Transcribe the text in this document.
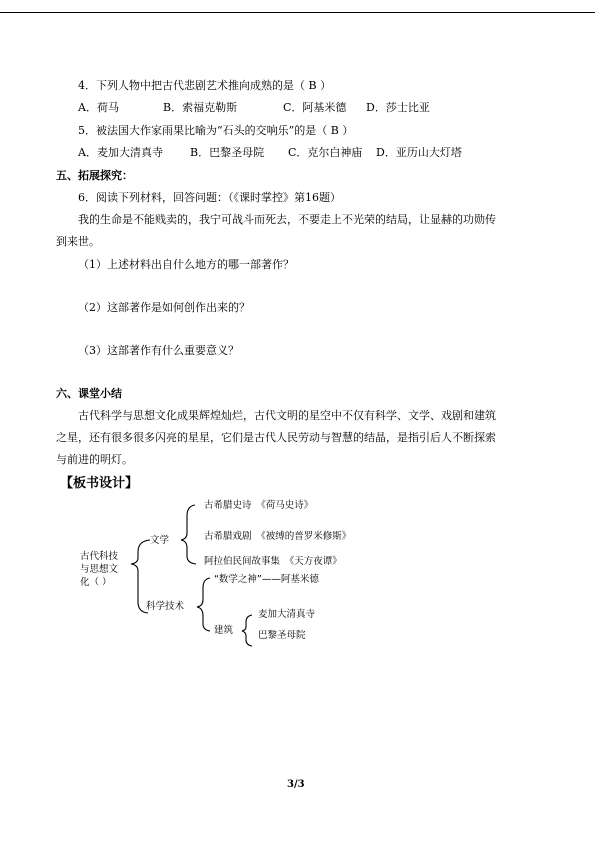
4．下列人物中把古代悲剧艺术推向成熟的是（ B ）
A．荷马	B．索福克勒斯	C．阿基米德 D．莎士比亚
5．被法国大作家雨果比喻为“石头的交响乐”的是（ B ）
A．麦加大清真寺 B．巴黎圣母院 C．克尔白神庙 D．亚历山大灯塔
五、拓展探究：
6．阅读下列材料，回答问题：（《课时掌控》第16题）
我的生命是不能贱卖的，我宁可战斗而死去，不要走上不光荣的结局，让显赫的功勋传
到来世。
（1）上述材料出自什么地方的哪一部著作？
（2）这部著作是如何创作出来的？
（3）这部著作有什么重要意义？
六、课堂小结
古代科学与思想文化成果辉煌灿烂，古代文明的星空中不仅有科学、文学、戏剧和建筑
之星，还有很多很多闪亮的星星，它们是古代人民劳动与智慧的结晶，是指引后人不断探索
与前进的明灯。
【板书设计】
古代科技
与思想文
化（ ）
文学
古希腊史诗　《荷马史诗》
古希腊戏剧　《被缚的普罗米修斯》
阿拉伯民间故事集　《天方夜谭》
科学技术
“数学之神”——阿基米德
建筑
麦加大清真寺
巴黎圣母院
3/3
